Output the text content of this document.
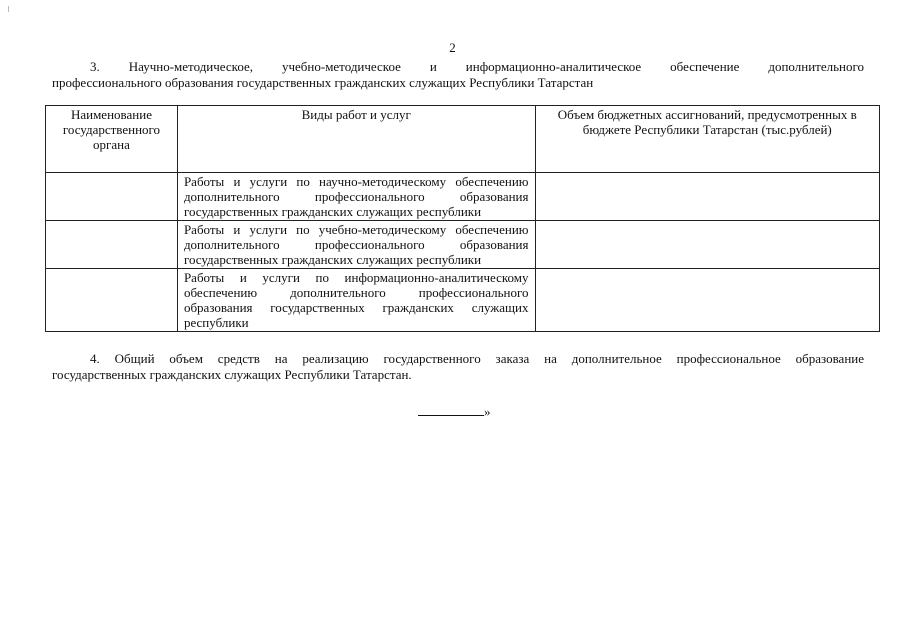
2
3. Научно-методическое, учебно-методическое и информационно-аналитическое обеспечение дополнительного
профессионального образования государственных гражданских служащих Республики Татарстан
Наименование государственного органа	Виды работ и услуг	Объем бюджетных ассигнований, предусмотренных в бюджете Республики Татарстан (тыс.рублей)
	Работы и услуги по научно-методическому обеспечению дополнительного профессионального образования государственных гражданских служащих республики	
	Работы и услуги по учебно-методическому обеспечению дополнительного профессионального образования государственных гражданских служащих республики	
	Работы и услуги по информационно-аналитическому обеспечению дополнительного профессионального образования государственных гражданских служащих республики	
4. Общий объем средств на реализацию государственного заказа на дополнительное профессиональное образование
государственных гражданских служащих Республики Татарстан.
»
